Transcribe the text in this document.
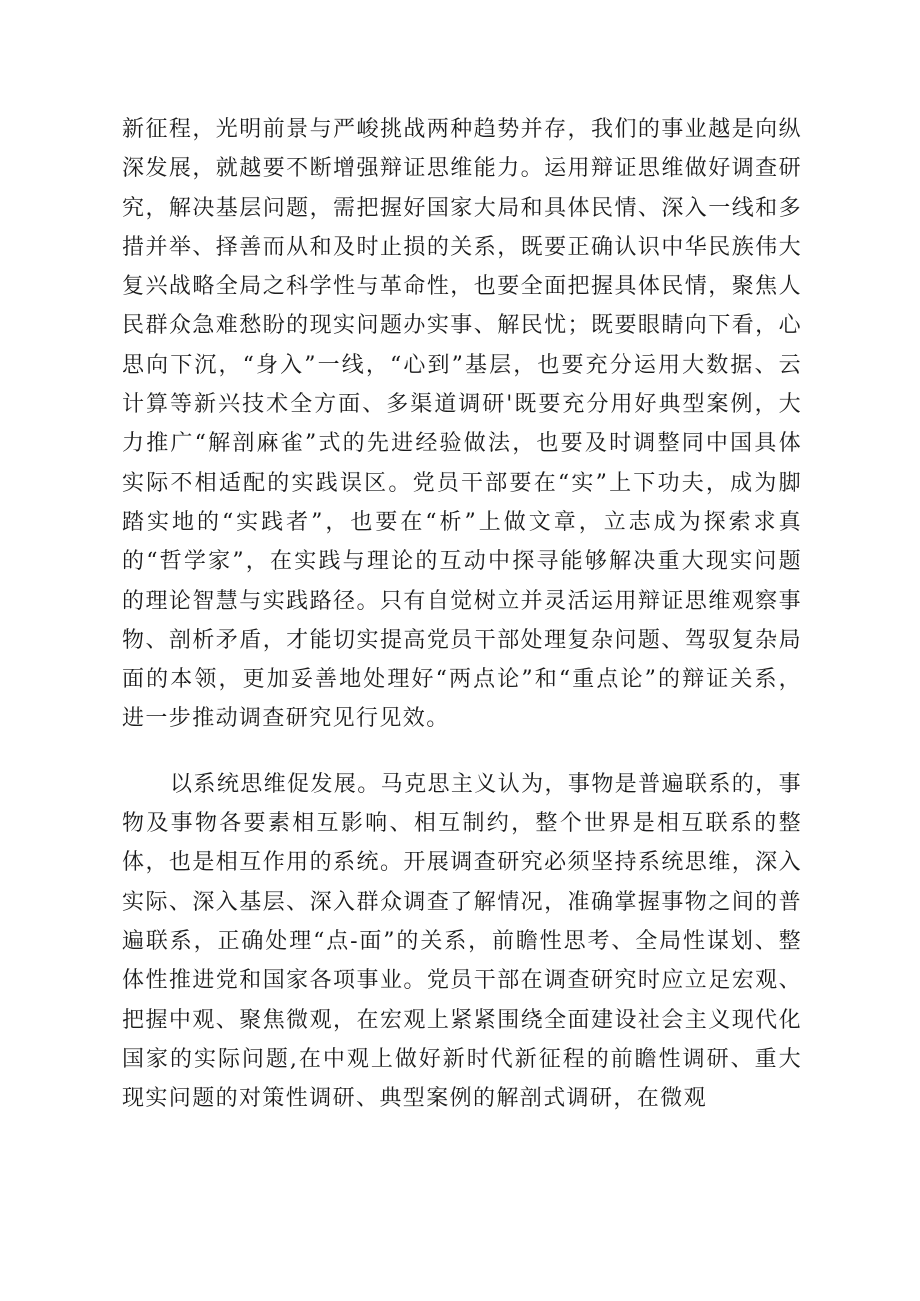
新征程，光明前景与严峻挑战两种趋势并存，我们的事业越是向纵深发展，就越要不断增强辩证思维能力。运用辩证思维做好调查研究，解决基层问题，需把握好国家大局和具体民情、深入一线和多措并举、择善而从和及时止损的关系，既要正确认识中华民族伟大复兴战略全局之科学性与革命性，也要全面把握具体民情，聚焦人民群众急难愁盼的现实问题办实事、解民忧；既要眼睛向下看，心思向下沉，“身入”一线，“心到”基层，也要充分运用大数据、云计算等新兴技术全方面、多渠道调研'既要充分用好典型案例，大力推广“解剖麻雀”式的先进经验做法，也要及时调整同中国具体实际不相适配的实践误区。党员干部要在“实”上下功夫，成为脚踏实地的“实践者”，也要在“析”上做文章，立志成为探索求真的“哲学家”，在实践与理论的互动中探寻能够解决重大现实问题的理论智慧与实践路径。只有自觉树立并灵活运用辩证思维观察事物、剖析矛盾，才能切实提高党员干部处理复杂问题、驾驭复杂局面的本领，更加妥善地处理好“两点论”和“重点论”的辩证关系，进一步推动调查研究见行见效。

以系统思维促发展。马克思主义认为，事物是普遍联系的，事物及事物各要素相互影响、相互制约，整个世界是相互联系的整体，也是相互作用的系统。开展调查研究必须坚持系统思维，深入实际、深入基层、深入群众调查了解情况，准确掌握事物之间的普遍联系，正确处理“点-面”的关系，前瞻性思考、全局性谋划、整体性推进党和国家各项事业。党员干部在调查研究时应立足宏观、把握中观、聚焦微观，在宏观上紧紧围绕全面建设社会主义现代化国家的实际问题,在中观上做好新时代新征程的前瞻性调研、重大现实问题的对策性调研、典型案例的解剖式调研，在微观
